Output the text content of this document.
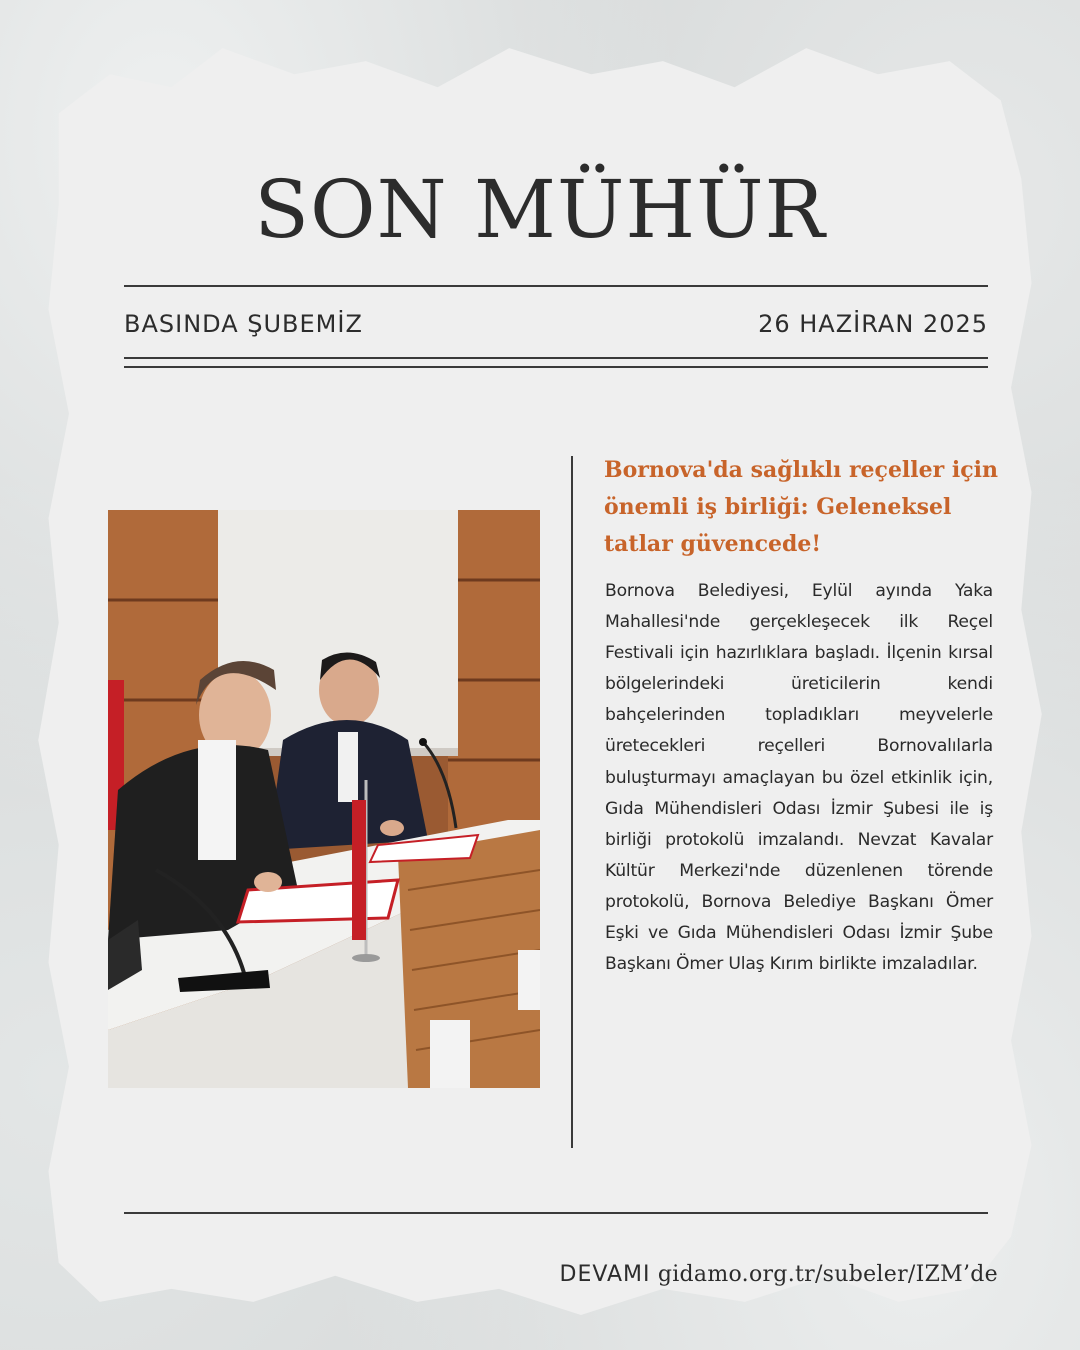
SON MÜHÜR
BASINDA ŞUBEMİZ	26 HAZİRAN 2025
Bornova'da sağlıklı reçeller için önemli iş birliği: Geleneksel tatlar güvencede!
Bornova Belediyesi, Eylül ayında Yaka Mahallesi'nde gerçekleşecek ilk Reçel Festivali için hazırlıklara başladı. İlçenin kırsal bölgelerindeki üreticilerin kendi bahçelerinden topladıkları meyvelerle üretecekleri reçelleri Bornovalılarla buluşturmayı amaçlayan bu özel etkinlik için, Gıda Mühendisleri Odası İzmir Şubesi ile iş birliği protokolü imzalandı. Nevzat Kavalar Kültür Merkezi'nde düzenlenen törende protokolü, Bornova Belediye Başkanı Ömer Eşki ve Gıda Mühendisleri Odası İzmir Şube Başkanı Ömer Ulaş Kırım birlikte imzaladılar.
DEVAMI gidamo.org.tr/subeler/IZM’de
